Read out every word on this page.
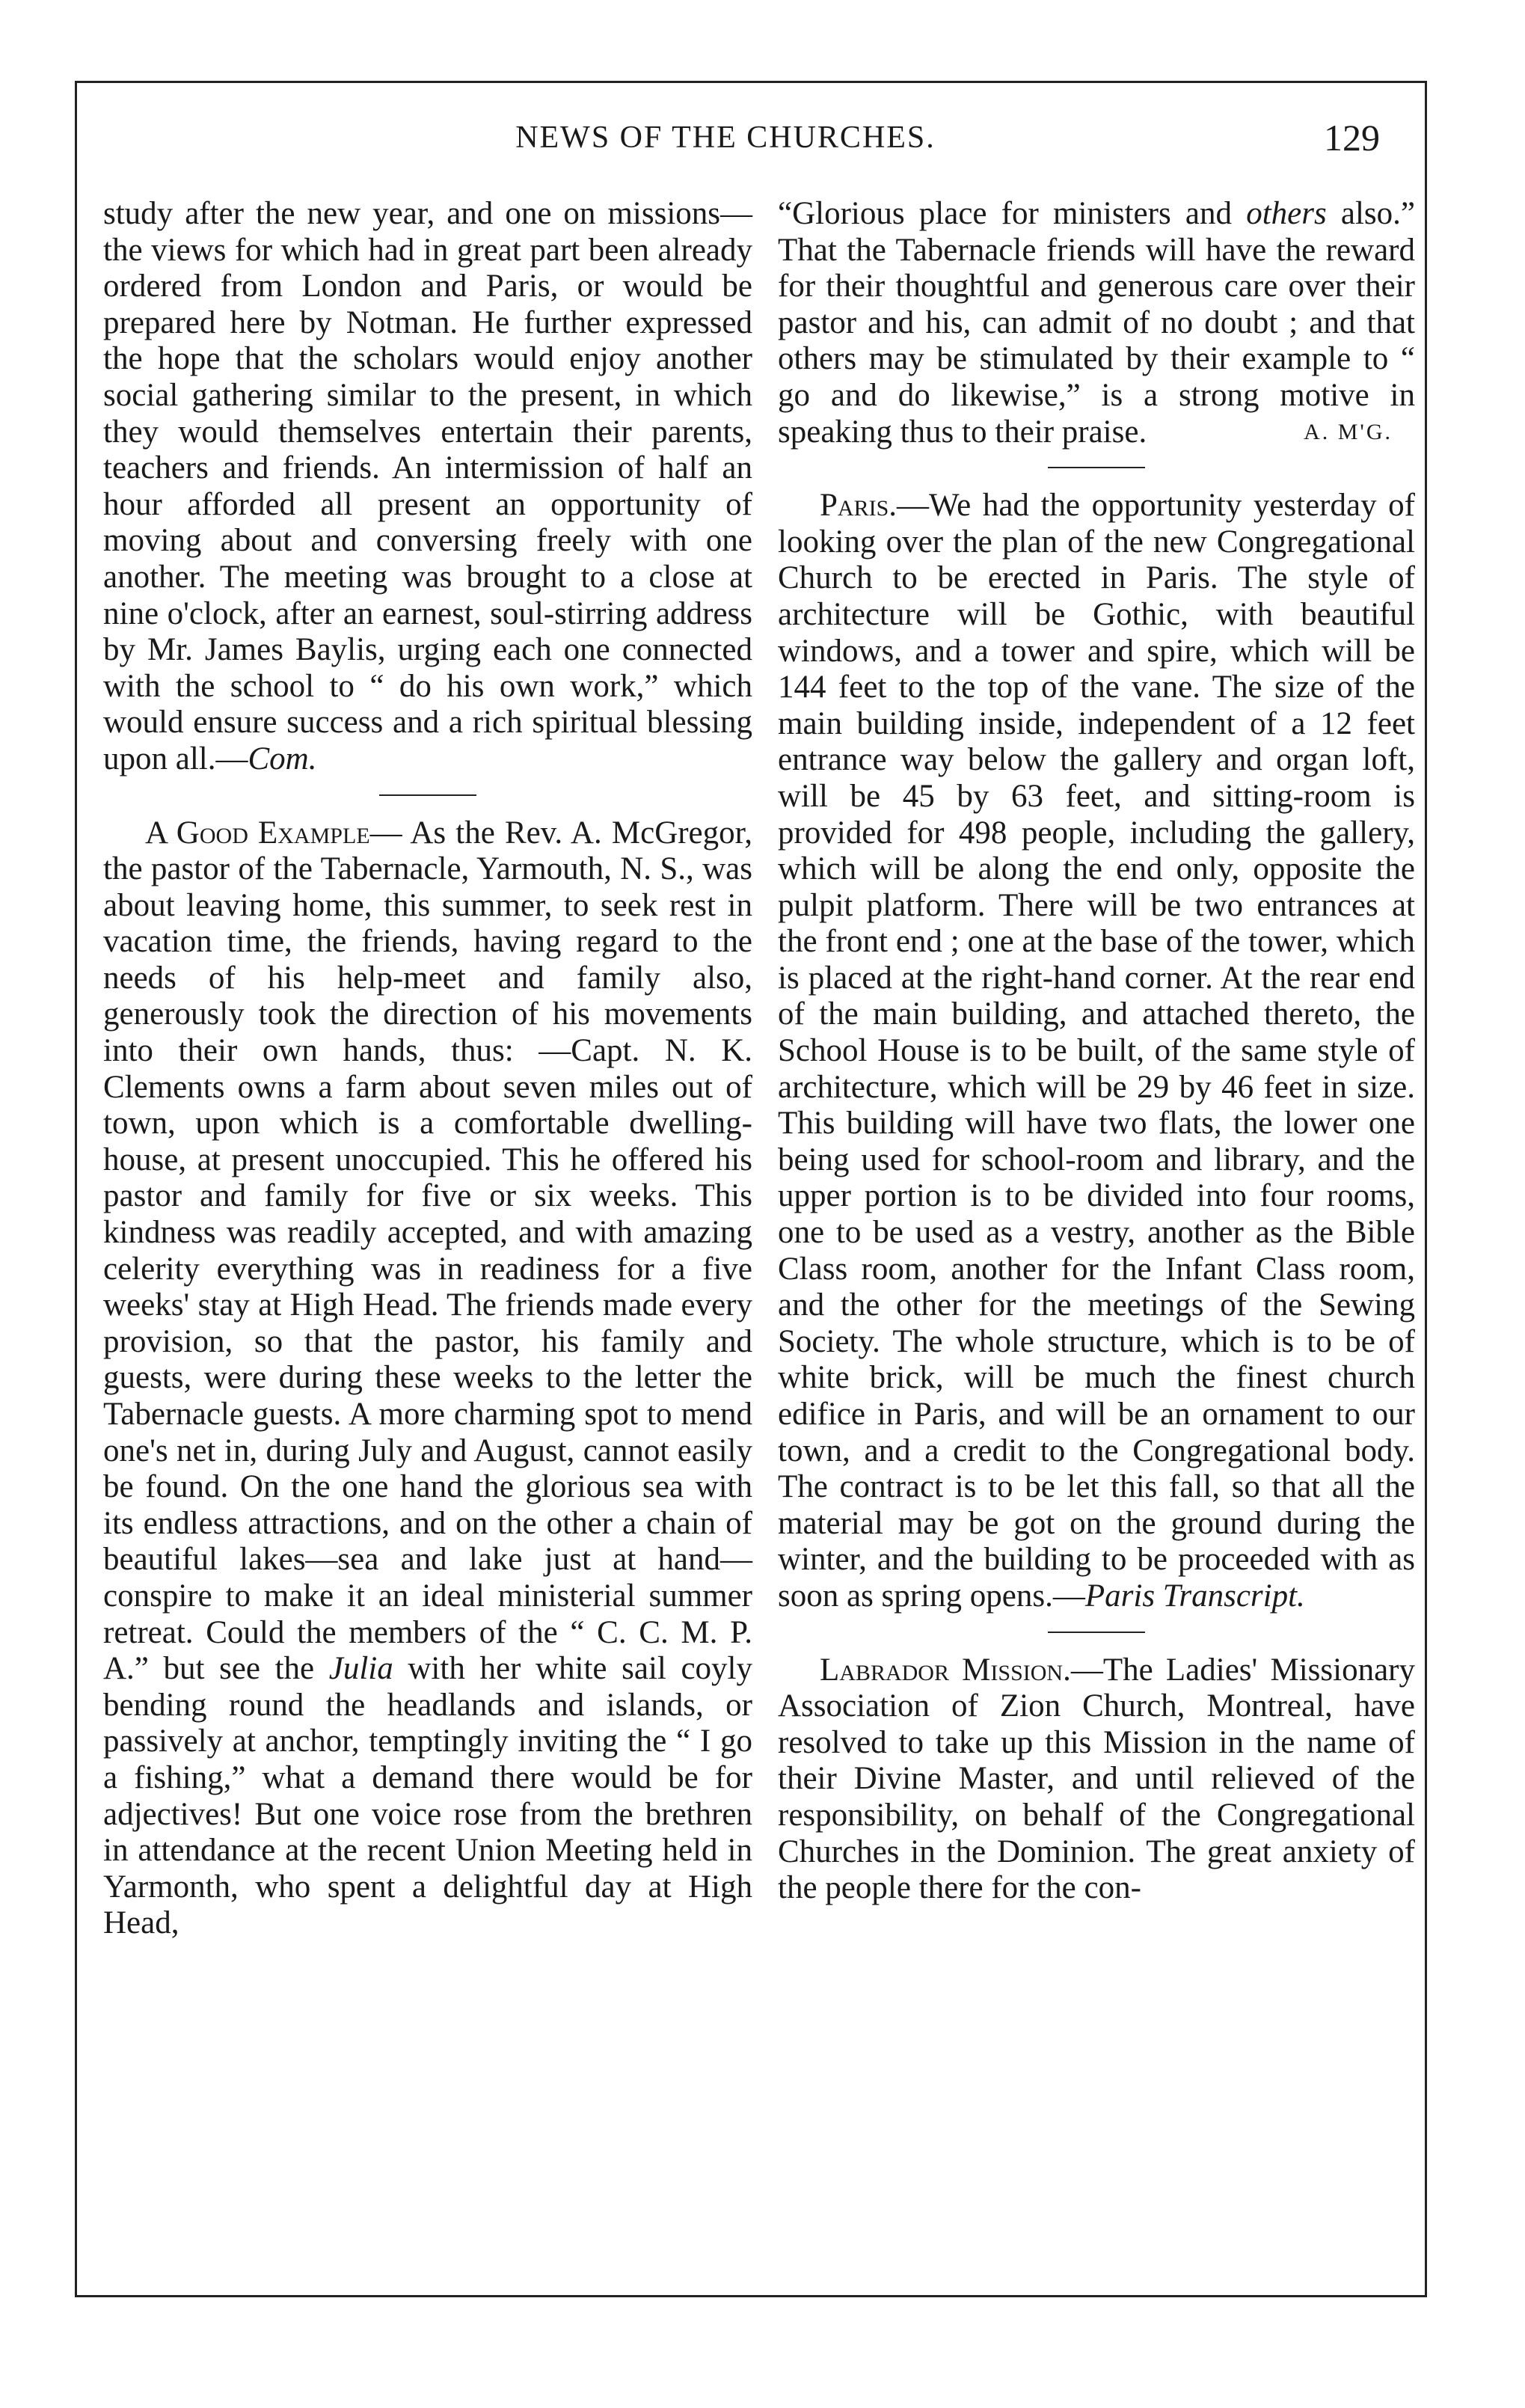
NEWS OF THE CHURCHES.	129

study after the new year, and one on missions—the views for which had in great part been already ordered from London and Paris, or would be prepared here by Notman. He further expressed the hope that the scholars would enjoy another social gathering similar to the present, in which they would themselves entertain their parents, teachers and friends. An intermission of half an hour afforded all present an opportunity of moving about and conversing freely with one another. The meeting was brought to a close at nine o'clock, after an earnest, soul-stirring address by Mr. James Baylis, urging each one connected with the school to “ do his own work,” which would ensure success and a rich spiritual blessing upon all.—Com.

A Good Example— As the Rev. A. McGregor, the pastor of the Tabernacle, Yarmouth, N. S., was about leaving home, this summer, to seek rest in vacation time, the friends, having regard to the needs of his help-meet and family also, generously took the direction of his movements into their own hands, thus: —Capt. N. K. Clements owns a farm about seven miles out of town, upon which is a comfortable dwelling-house, at present unoccupied. This he offered his pastor and family for five or six weeks. This kindness was readily accepted, and with amazing celerity everything was in readiness for a five weeks' stay at High Head. The friends made every provision, so that the pastor, his family and guests, were during these weeks to the letter the Tabernacle guests. A more charming spot to mend one's net in, during July and August, cannot easily be found. On the one hand the glorious sea with its endless attractions, and on the other a chain of beautiful lakes—sea and lake just at hand—conspire to make it an ideal ministerial summer retreat. Could the members of the “ C. C. M. P. A.” but see the Julia with her white sail coyly bending round the headlands and islands, or passively at anchor, temptingly inviting the “ I go a fishing,” what a demand there would be for adjectives! But one voice rose from the brethren in attendance at the recent Union Meeting held in Yarmonth, who spent a delightful day at High Head,

“Glorious place for ministers and others also.” That the Tabernacle friends will have the reward for their thoughtful and generous care over their pastor and his, can admit of no doubt ; and that others may be stimulated by their example to “ go and do likewise,” is a strong motive in speaking thus to their praise.	A. M'G.

Paris.—We had the opportunity yesterday of looking over the plan of the new Congregational Church to be erected in Paris. The style of architecture will be Gothic, with beautiful windows, and a tower and spire, which will be 144 feet to the top of the vane. The size of the main building inside, independent of a 12 feet entrance way below the gallery and organ loft, will be 45 by 63 feet, and sitting-room is provided for 498 people, including the gallery, which will be along the end only, opposite the pulpit platform. There will be two entrances at the front end ; one at the base of the tower, which is placed at the right-hand corner. At the rear end of the main building, and attached thereto, the School House is to be built, of the same style of architecture, which will be 29 by 46 feet in size. This building will have two flats, the lower one being used for school-room and library, and the upper portion is to be divided into four rooms, one to be used as a vestry, another as the Bible Class room, another for the Infant Class room, and the other for the meetings of the Sewing Society. The whole structure, which is to be of white brick, will be much the finest church edifice in Paris, and will be an ornament to our town, and a credit to the Congregational body. The contract is to be let this fall, so that all the material may be got on the ground during the winter, and the building to be proceeded with as soon as spring opens.—Paris Transcript.

Labrador Mission.—The Ladies' Missionary Association of Zion Church, Montreal, have resolved to take up this Mission in the name of their Divine Master, and until relieved of the responsibility, on behalf of the Congregational Churches in the Dominion. The great anxiety of the people there for the con-
